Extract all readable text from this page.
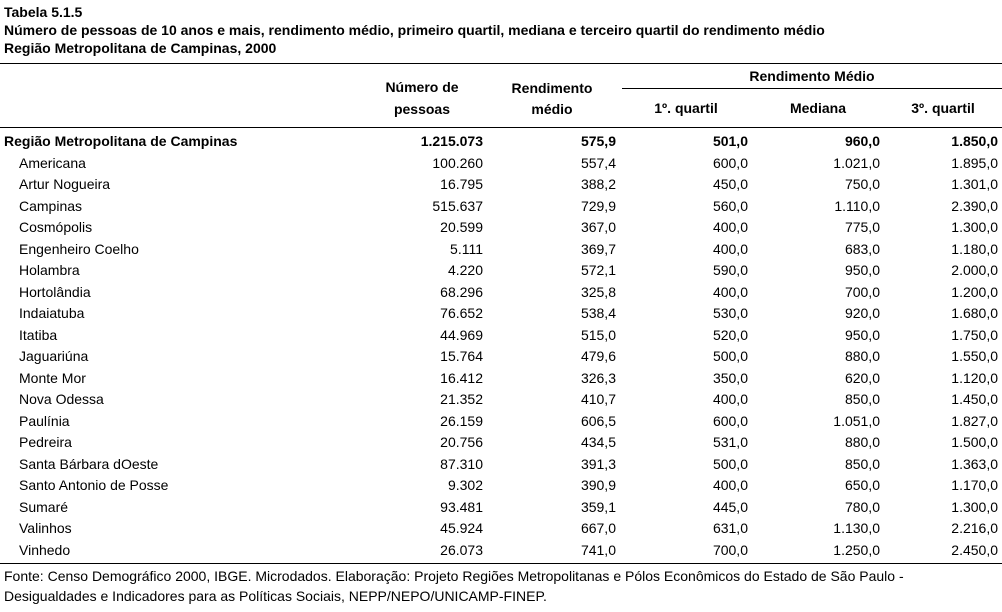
Tabela 5.1.5
Número de pessoas de 10 anos e mais, rendimento médio, primeiro quartil, mediana e terceiro quartil do rendimento médio
Região Metropolitana de Campinas, 2000
Número de
pessoas
Rendimento
médio
Rendimento Médio
1º. quartil	Mediana	3º. quartil
Região Metropolitana de Campinas	1.215.073	575,9	501,0	960,0	1.850,0
Americana	100.260	557,4	600,0	1.021,0	1.895,0
Artur Nogueira	16.795	388,2	450,0	750,0	1.301,0
Campinas	515.637	729,9	560,0	1.110,0	2.390,0
Cosmópolis	20.599	367,0	400,0	775,0	1.300,0
Engenheiro Coelho	5.111	369,7	400,0	683,0	1.180,0
Holambra	4.220	572,1	590,0	950,0	2.000,0
Hortolândia	68.296	325,8	400,0	700,0	1.200,0
Indaiatuba	76.652	538,4	530,0	920,0	1.680,0
Itatiba	44.969	515,0	520,0	950,0	1.750,0
Jaguariúna	15.764	479,6	500,0	880,0	1.550,0
Monte Mor	16.412	326,3	350,0	620,0	1.120,0
Nova Odessa	21.352	410,7	400,0	850,0	1.450,0
Paulínia	26.159	606,5	600,0	1.051,0	1.827,0
Pedreira	20.756	434,5	531,0	880,0	1.500,0
Santa Bárbara dOeste	87.310	391,3	500,0	850,0	1.363,0
Santo Antonio de Posse	9.302	390,9	400,0	650,0	1.170,0
Sumaré	93.481	359,1	445,0	780,0	1.300,0
Valinhos	45.924	667,0	631,0	1.130,0	2.216,0
Vinhedo	26.073	741,0	700,0	1.250,0	2.450,0
Fonte: Censo Demográfico 2000, IBGE. Microdados. Elaboração: Projeto Regiões Metropolitanas e Pólos Econômicos do Estado de São Paulo - Desigualdades e Indicadores para as Políticas Sociais, NEPP/NEPO/UNICAMP-FINEP.
